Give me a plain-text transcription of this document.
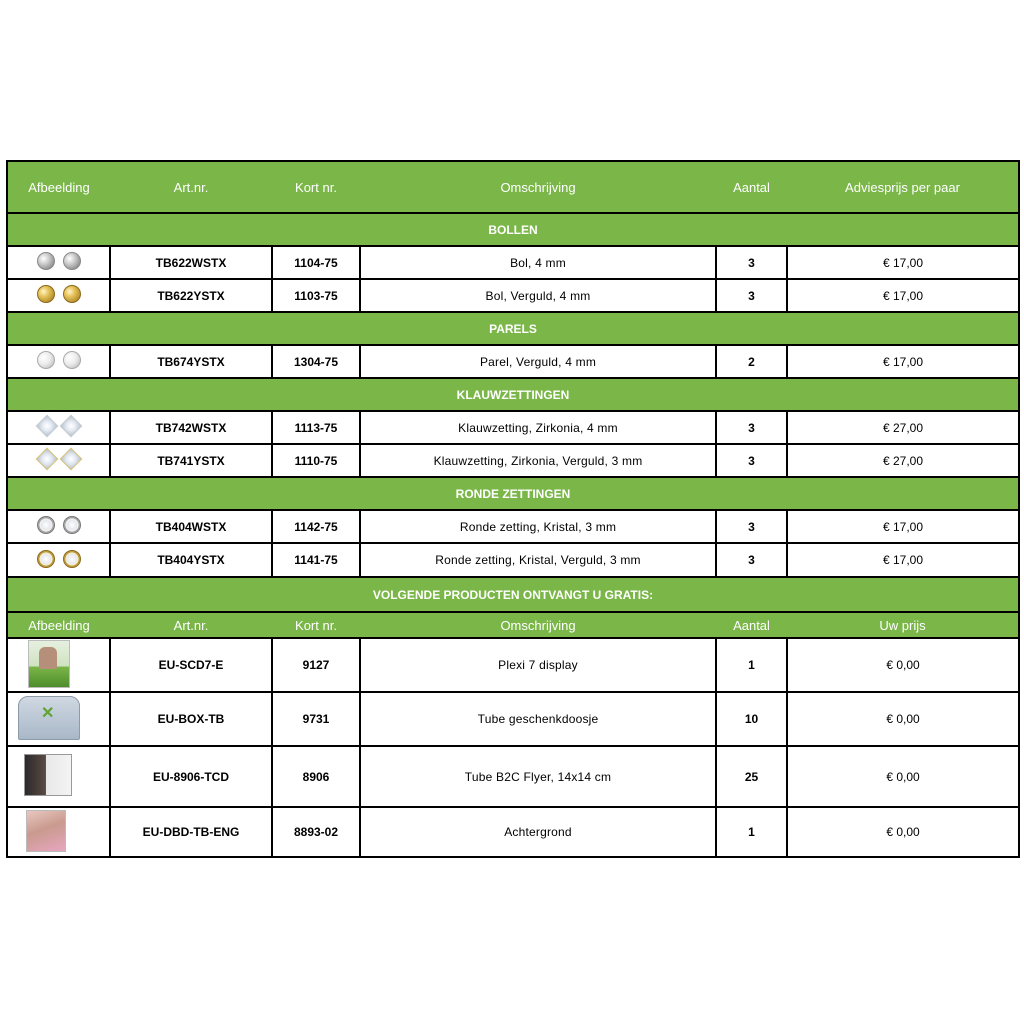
Afbeelding	Art.nr.	Kort nr.	Omschrijving	Aantal	Adviesprijs per paar
BOLLEN					

	TB622WSTX	1104-75	Bol, 4 mm	3	€ 17,00

	TB622YSTX	1103-75	Bol, Verguld, 4 mm	3	€ 17,00
PARELS					

	TB674YSTX	1304-75	Parel, Verguld, 4 mm	2	€ 17,00
KLAUWZETTINGEN					

	TB742WSTX	1113-75	Klauwzetting, Zirkonia, 4 mm	3	€ 27,00

	TB741YSTX	1110-75	Klauwzetting, Zirkonia, Verguld, 3 mm	3	€ 27,00
RONDE ZETTINGEN					

	TB404WSTX	1142-75	Ronde zetting, Kristal, 3 mm	3	€ 17,00

	TB404YSTX	1141-75	Ronde zetting, Kristal, Verguld, 3 mm	3	€ 17,00
VOLGENDE PRODUCTEN ONTVANGT U GRATIS:					
Afbeelding	Art.nr.	Kort nr.	Omschrijving	Aantal	Uw prijs
	EU-SCD7-E	9127	Plexi 7 display	1	€ 0,00
✕	EU-BOX-TB	9731	Tube geschenkdoosje	10	€ 0,00
	EU-8906-TCD	8906	Tube B2C Flyer, 14x14 cm	25	€ 0,00
	EU-DBD-TB-ENG	8893-02	Achtergrond	1	€ 0,00
